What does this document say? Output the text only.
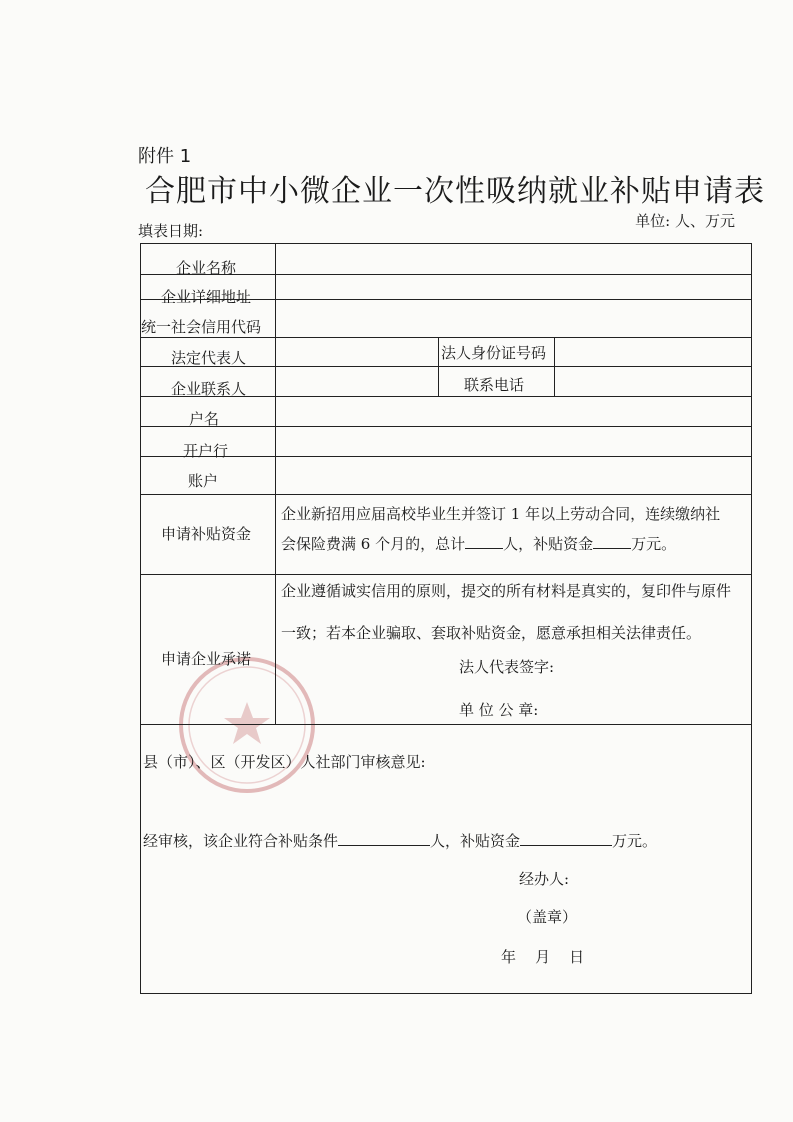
附件 1
合肥市中小微企业一次性吸纳就业补贴申请表
填表日期:
单位: 人、万元
企业名称
企业详细地址
统一社会信用代码
法定代表人	法人身份证号码
企业联系人	联系电话
户名
开户行
账户
申请补贴资金
企业新招用应届高校毕业生并签订 1 年以上劳动合同，连续缴纳社
会保险费满 6 个月的，总计	人，补贴资金	万元。
申请企业承诺
企业遵循诚实信用的原则，提交的所有材料是真实的，复印件与原件
一致；若本企业骗取、套取补贴资金，愿意承担相关法律责任。
法人代表签字:
单 位 公 章:
县（市）、区（开发区）人社部门审核意见:
经审核，该企业符合补贴条件	人，补贴资金	万元。
经办人:
（盖章）
年    月    日
